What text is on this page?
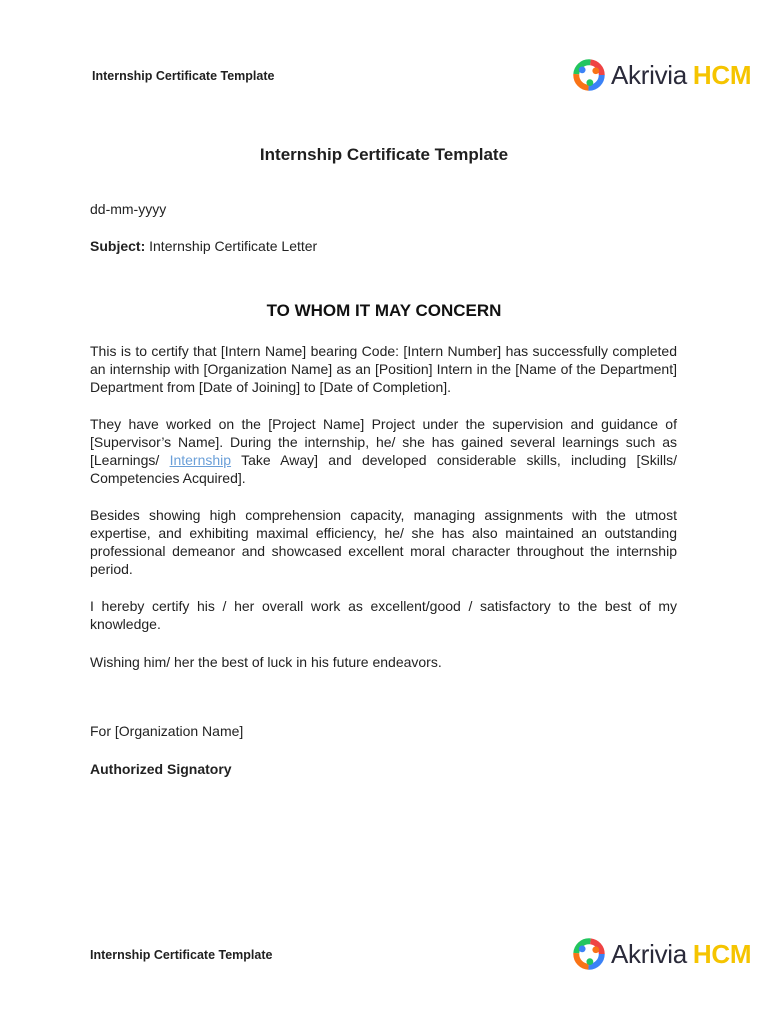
Internship Certificate Template	Akrivia HCM
Internship Certificate Template
dd-mm-yyyy
Subject: Internship Certificate Letter
TO WHOM IT MAY CONCERN

This is to certify that [Intern Name] bearing Code: [Intern Number] has successfully completed an internship with [Organization Name] as an [Position] Intern in the [Name of the Department] Department from [Date of Joining] to [Date of Completion].

They have worked on the [Project Name] Project under the supervision and guidance of [Supervisor’s Name]. During the internship, he/ she has gained several learnings such as [Learnings/ Internship Take Away] and developed considerable skills, including [Skills/ Competencies Acquired].

Besides showing high comprehension capacity, managing assignments with the utmost expertise, and exhibiting maximal efficiency, he/ she has also maintained an outstanding professional demeanor and showcased excellent moral character throughout the internship period.

I hereby certify his / her overall work as excellent/good / satisfactory to the best of my knowledge.

Wishing him/ her the best of luck in his future endeavors.

For [Organization Name]
Authorized Signatory
Internship Certificate Template	Akrivia HCM
